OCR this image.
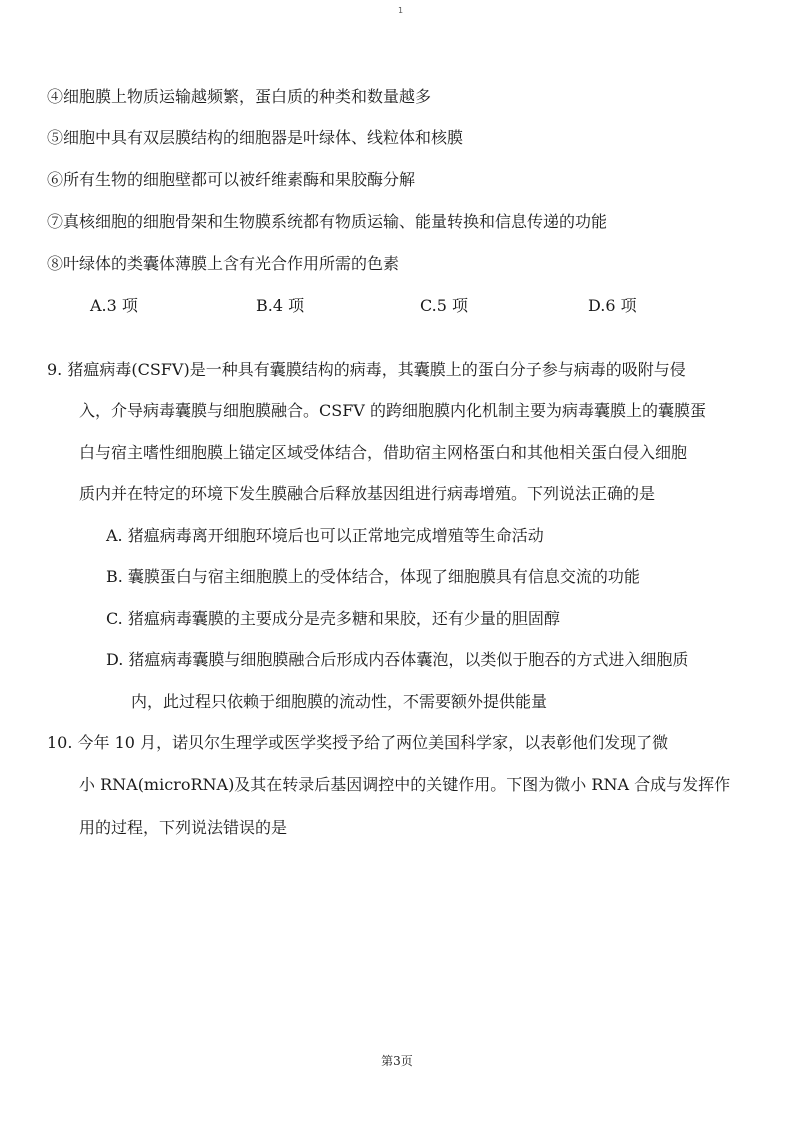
1
④细胞膜上物质运输越频繁，蛋白质的种类和数量越多
⑤细胞中具有双层膜结构的细胞器是叶绿体、线粒体和核膜
⑥所有生物的细胞壁都可以被纤维素酶和果胶酶分解
⑦真核细胞的细胞骨架和生物膜系统都有物质运输、能量转换和信息传递的功能
⑧叶绿体的类囊体薄膜上含有光合作用所需的色素
A.3 项	B.4 项	C.5 项	D.6 项
9. 猪瘟病毒(CSFV)是一种具有囊膜结构的病毒，其囊膜上的蛋白分子参与病毒的吸附与侵
入，介导病毒囊膜与细胞膜融合。CSFV 的跨细胞膜内化机制主要为病毒囊膜上的囊膜蛋
白与宿主嗜性细胞膜上锚定区域受体结合，借助宿主网格蛋白和其他相关蛋白侵入细胞
质内并在特定的环境下发生膜融合后释放基因组进行病毒增殖。下列说法正确的是
A. 猪瘟病毒离开细胞环境后也可以正常地完成增殖等生命活动
B. 囊膜蛋白与宿主细胞膜上的受体结合，体现了细胞膜具有信息交流的功能
C. 猪瘟病毒囊膜的主要成分是壳多糖和果胶，还有少量的胆固醇
D. 猪瘟病毒囊膜与细胞膜融合后形成内吞体囊泡，以类似于胞吞的方式进入细胞质
内，此过程只依赖于细胞膜的流动性，不需要额外提供能量
10. 今年 10 月，诺贝尔生理学或医学奖授予给了两位美国科学家，以表彰他们发现了微
小 RNA(microRNA)及其在转录后基因调控中的关键作用。下图为微小 RNA 合成与发挥作
用的过程，下列说法错误的是
第3页
